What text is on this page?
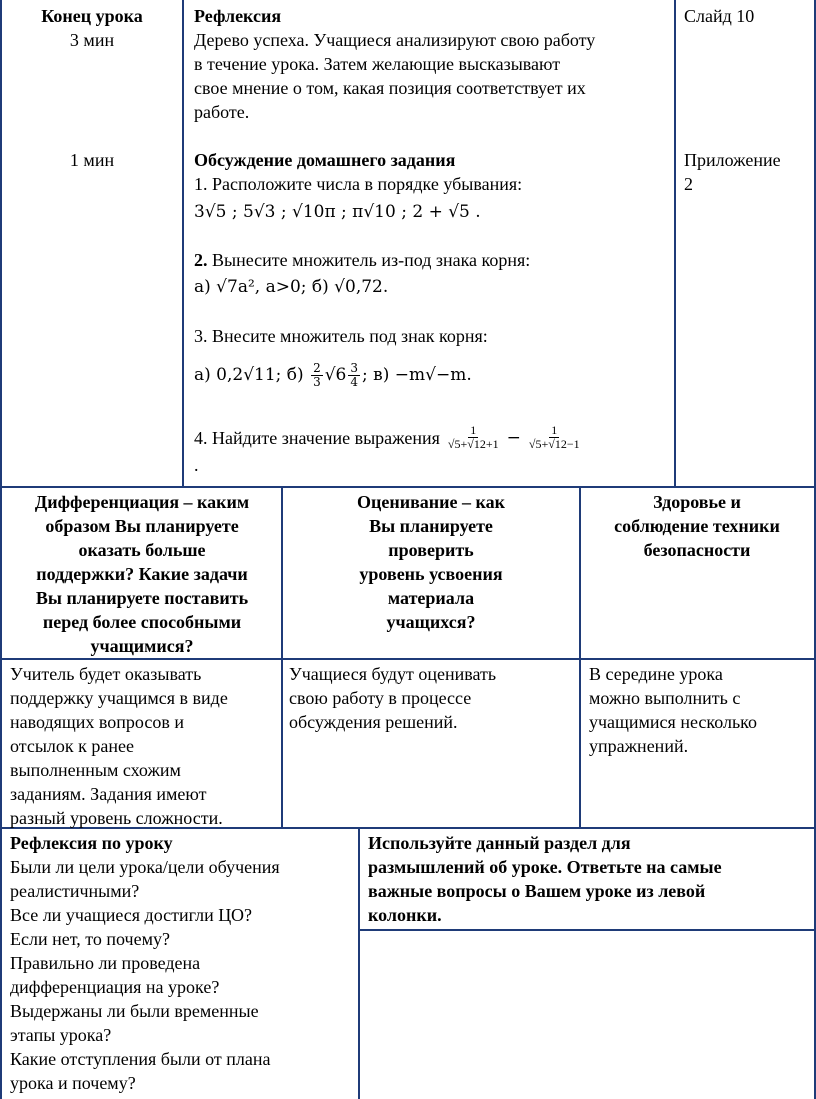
Конец урока
3 мин
1 мин
Рефлексия
Дерево успеха. Учащиеся анализируют свою работу
в течение урока. Затем желающие высказывают
свое мнение о том, какая позиция соответствует их
работе.
Обсуждение домашнего задания
1. Расположите числа в порядке убывания:
3√5 ; 5√3 ; √10π ; π√10 ; 2 + √5 .
2. Вынесите множитель из-под знака корня:
а) √7a², a>0; б) √0,72.
3. Внесите множитель под знак корня:
а) 0,2√11; $б) \frac{2}{3} √6 \frac{3}{4}$ ; в) −m√−m.
4. Найдите значение выражения $\frac{1}{√5+√12+1} - \frac{1}{√5+√12-1}$
.
Слайд 10
Приложение
2
Дифференциация – каким
образом Вы планируете
оказать больше
поддержки? Какие задачи
Вы планируете поставить
перед более способными
учащимися?
Оценивание – как
Вы планируете
проверить
уровень усвоения
материала
учащихся?
Здоровье и
соблюдение техники
безопасности
Учитель будет оказывать
поддержку учащимся в виде
наводящих вопросов и
отсылок к ранее
выполненным схожим
заданиям. Задания имеют
разный уровень сложности.
Учащиеся будут оценивать
свою работу в процессе
обсуждения решений.
В середине урока
можно выполнить с
учащимися несколько
упражнений.
Рефлексия по уроку
Были ли цели урока/цели обучения
реалистичными?
Все ли учащиеся достигли ЦО?
Если нет, то почему?
Правильно ли проведена
дифференциация на уроке?
Выдержаны ли были временные
этапы урока?
Какие отступления были от плана
урока и почему?
Используйте данный раздел для
размышлений об уроке. Ответьте на самые
важные вопросы о Вашем уроке из левой
колонки.
